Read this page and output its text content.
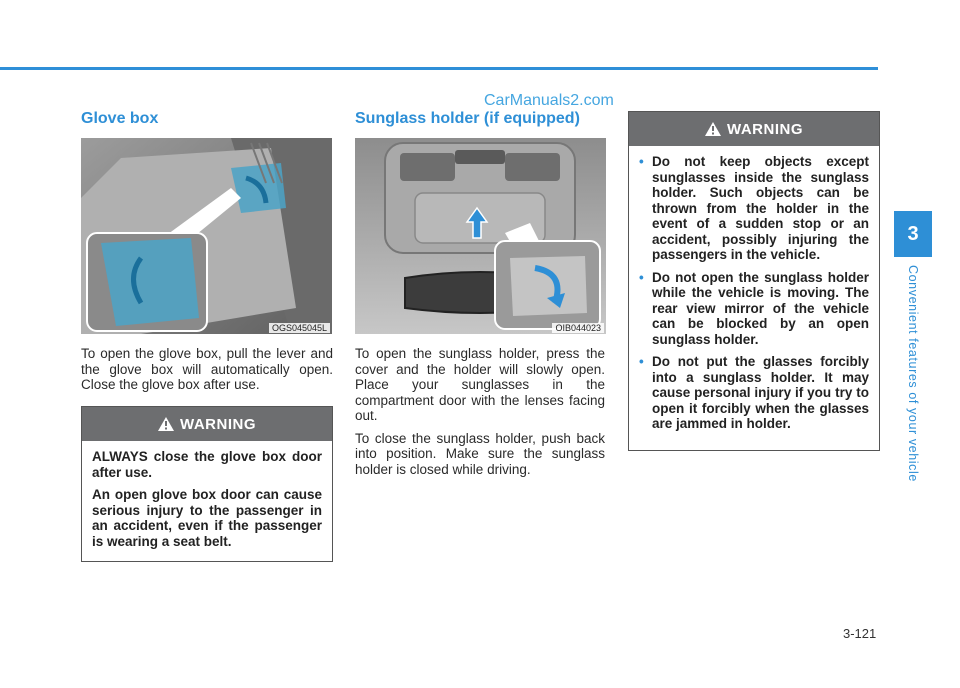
CarManuals2.com
Glove box
OGS045045L

To open the glove box, pull the lever and the glove box will automatically open. Close the glove box after use.

WARNING

ALWAYS close the glove box door after use.

An open glove box door can cause serious injury to the passenger in an accident, even if the passenger is wearing a seat belt.

Sunglass holder (if equipped)
OIB044023

To open the sunglass holder, press the cover and the holder will slowly open. Place your sunglasses in the compartment door with the lenses facing out.

To close the sunglass holder, push back into position. Make sure the sunglass holder is closed while driving.

WARNING
• Do not keep objects except sunglasses inside the sunglass holder. Such objects can be thrown from the holder in the event of a sudden stop or an accident, possibly injuring the passengers in the vehicle.
• Do not open the sunglass holder while the vehicle is moving. The rear view mirror of the vehicle can be blocked by an open sunglass holder.
• Do not put the glasses forcibly into a sunglass holder. It may cause personal injury if you try to open it forcibly when the glasses are jammed in holder.
3
Convenient features of your vehicle
3-121
